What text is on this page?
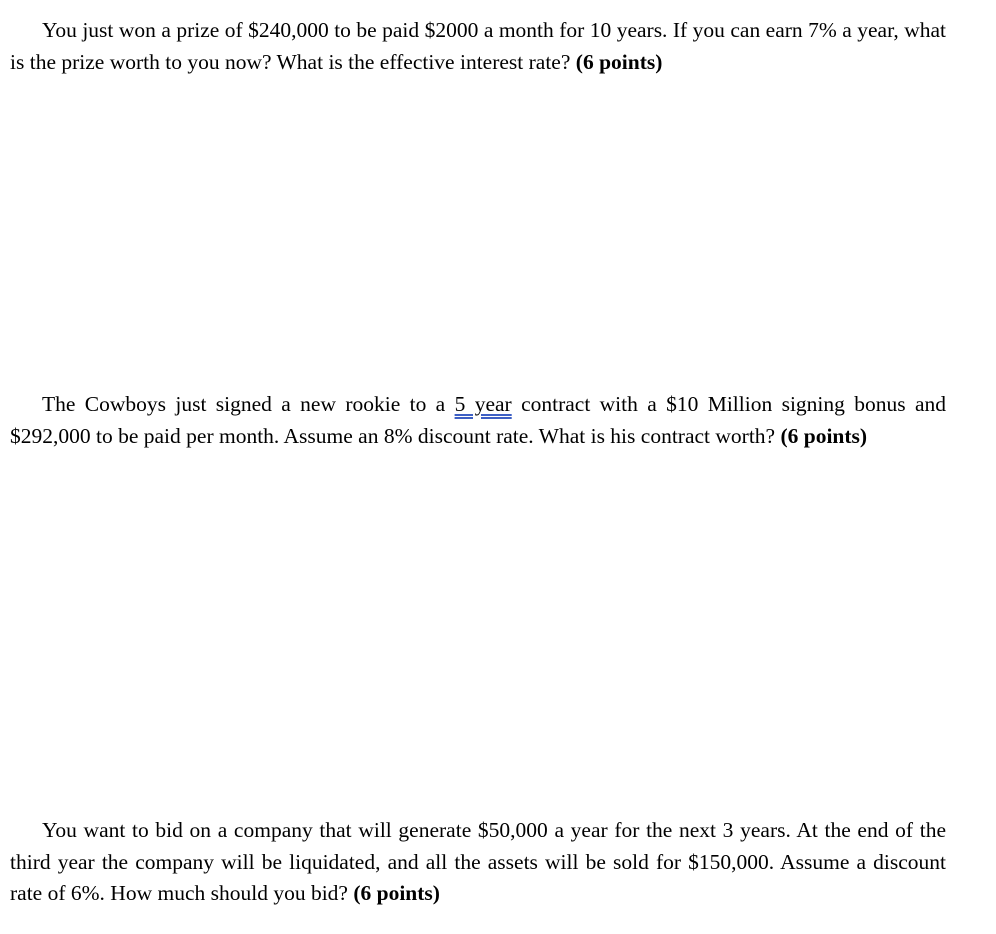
You just won a prize of $240,000 to be paid $2000 a month for 10 years. If you can earn 7% a year, what is the prize worth to you now? What is the effective interest rate? (6 points)

The Cowboys just signed a new rookie to a 5 year contract with a $10 Million signing bonus and $292,000 to be paid per month. Assume an 8% discount rate. What is his contract worth? (6 points)

You want to bid on a company that will generate $50,000 a year for the next 3 years. At the end of the third year the company will be liquidated, and all the assets will be sold for $150,000. Assume a discount rate of 6%. How much should you bid? (6 points)
